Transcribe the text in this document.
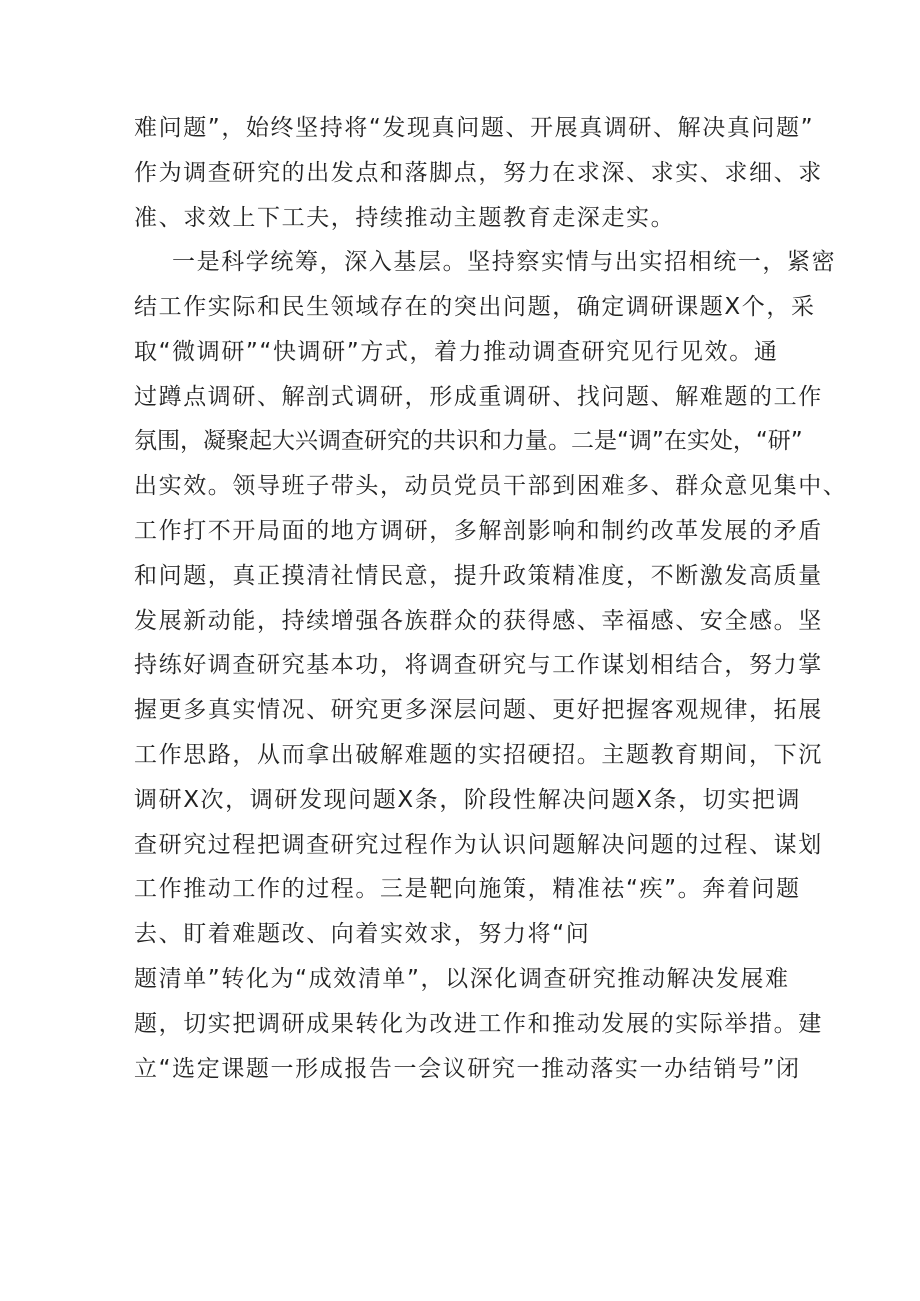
难问题”，始终坚持将“发现真问题、开展真调研、解决真问题”
作为调查研究的出发点和落脚点，努力在求深、求实、求细、求
准、求效上下工夫，持续推动主题教育走深走实。
一是科学统筹，深入基层。坚持察实情与出实招相统一，紧密
结工作实际和民生领域存在的突出问题，确定调研课题X个，采
取“微调研”“快调研”方式，着力推动调查研究见行见效。通
过蹲点调研、解剖式调研，形成重调研、找问题、解难题的工作
氛围，凝聚起大兴调查研究的共识和力量。二是“调”在实处，“研”
出实效。领导班子带头，动员党员干部到困难多、群众意见集中、
工作打不开局面的地方调研，多解剖影响和制约改革发展的矛盾
和问题，真正摸清社情民意，提升政策精准度，不断激发高质量
发展新动能，持续增强各族群众的获得感、幸福感、安全感。坚
持练好调查研究基本功，将调查研究与工作谋划相结合，努力掌
握更多真实情况、研究更多深层问题、更好把握客观规律，拓展
工作思路，从而拿出破解难题的实招硬招。主题教育期间，下沉
调研X次，调研发现问题X条，阶段性解决问题X条，切实把调
查研究过程把调查研究过程作为认识问题解决问题的过程、谋划
工作推动工作的过程。三是靶向施策，精准祛“疾”。奔着问题
去、盯着难题改、向着实效求，努力将“问
题清单”转化为“成效清单”，以深化调查研究推动解决发展难
题，切实把调研成果转化为改进工作和推动发展的实际举措。建
立“选定课题一形成报告一会议研究一推动落实一办结销号”闭
